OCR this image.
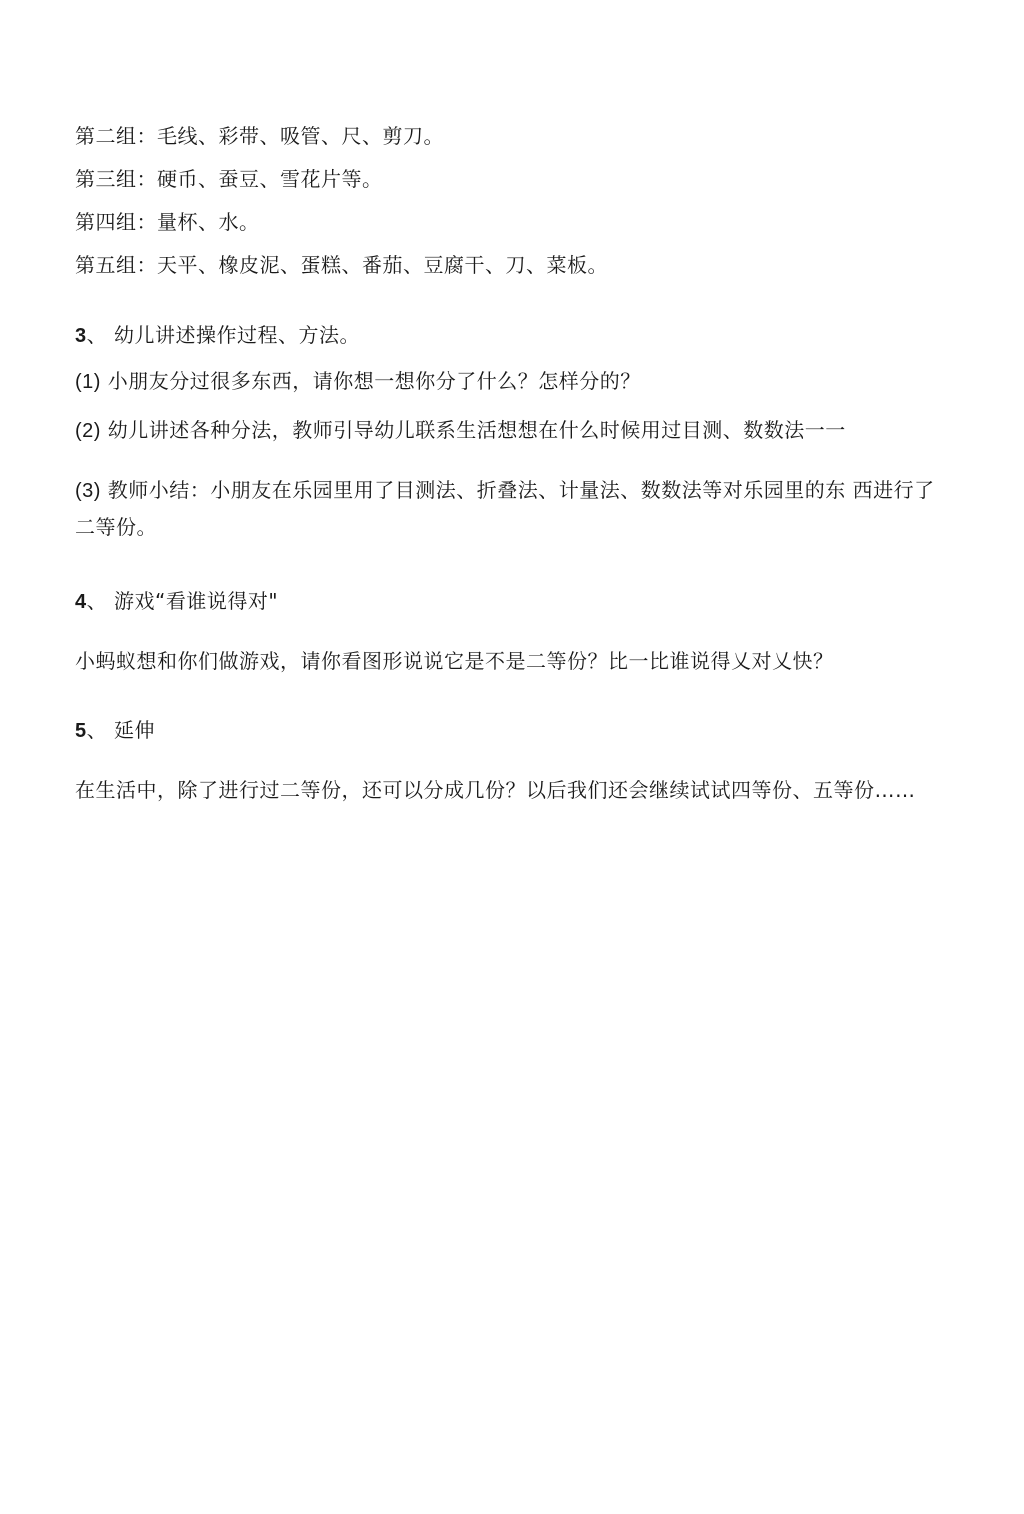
第二组：毛线、彩带、吸管、尺、剪刀。
第三组：硬币、蚕豆、雪花片等。
第四组：量杯、水。
第五组：天平、橡皮泥、蛋糕、番茄、豆腐干、刀、菜板。
3、 幼儿讲述操作过程、方法。
(1) 小朋友分过很多东西，请你想一想你分了什么？怎样分的？
(2) 幼儿讲述各种分法，教师引导幼儿联系生活想想在什么时候用过目测、数数法一一
(3) 教师小结：小朋友在乐园里用了目测法、折叠法、计量法、数数法等对乐园里的东 西进行了二等份。
4、 游戏“看谁说得对"
小蚂蚁想和你们做游戏，请你看图形说说它是不是二等份？比一比谁说得乂对乂快？
5、 延伸
在生活中，除了进行过二等份，还可以分成几份？以后我们还会继续试试四等份、五等份……
